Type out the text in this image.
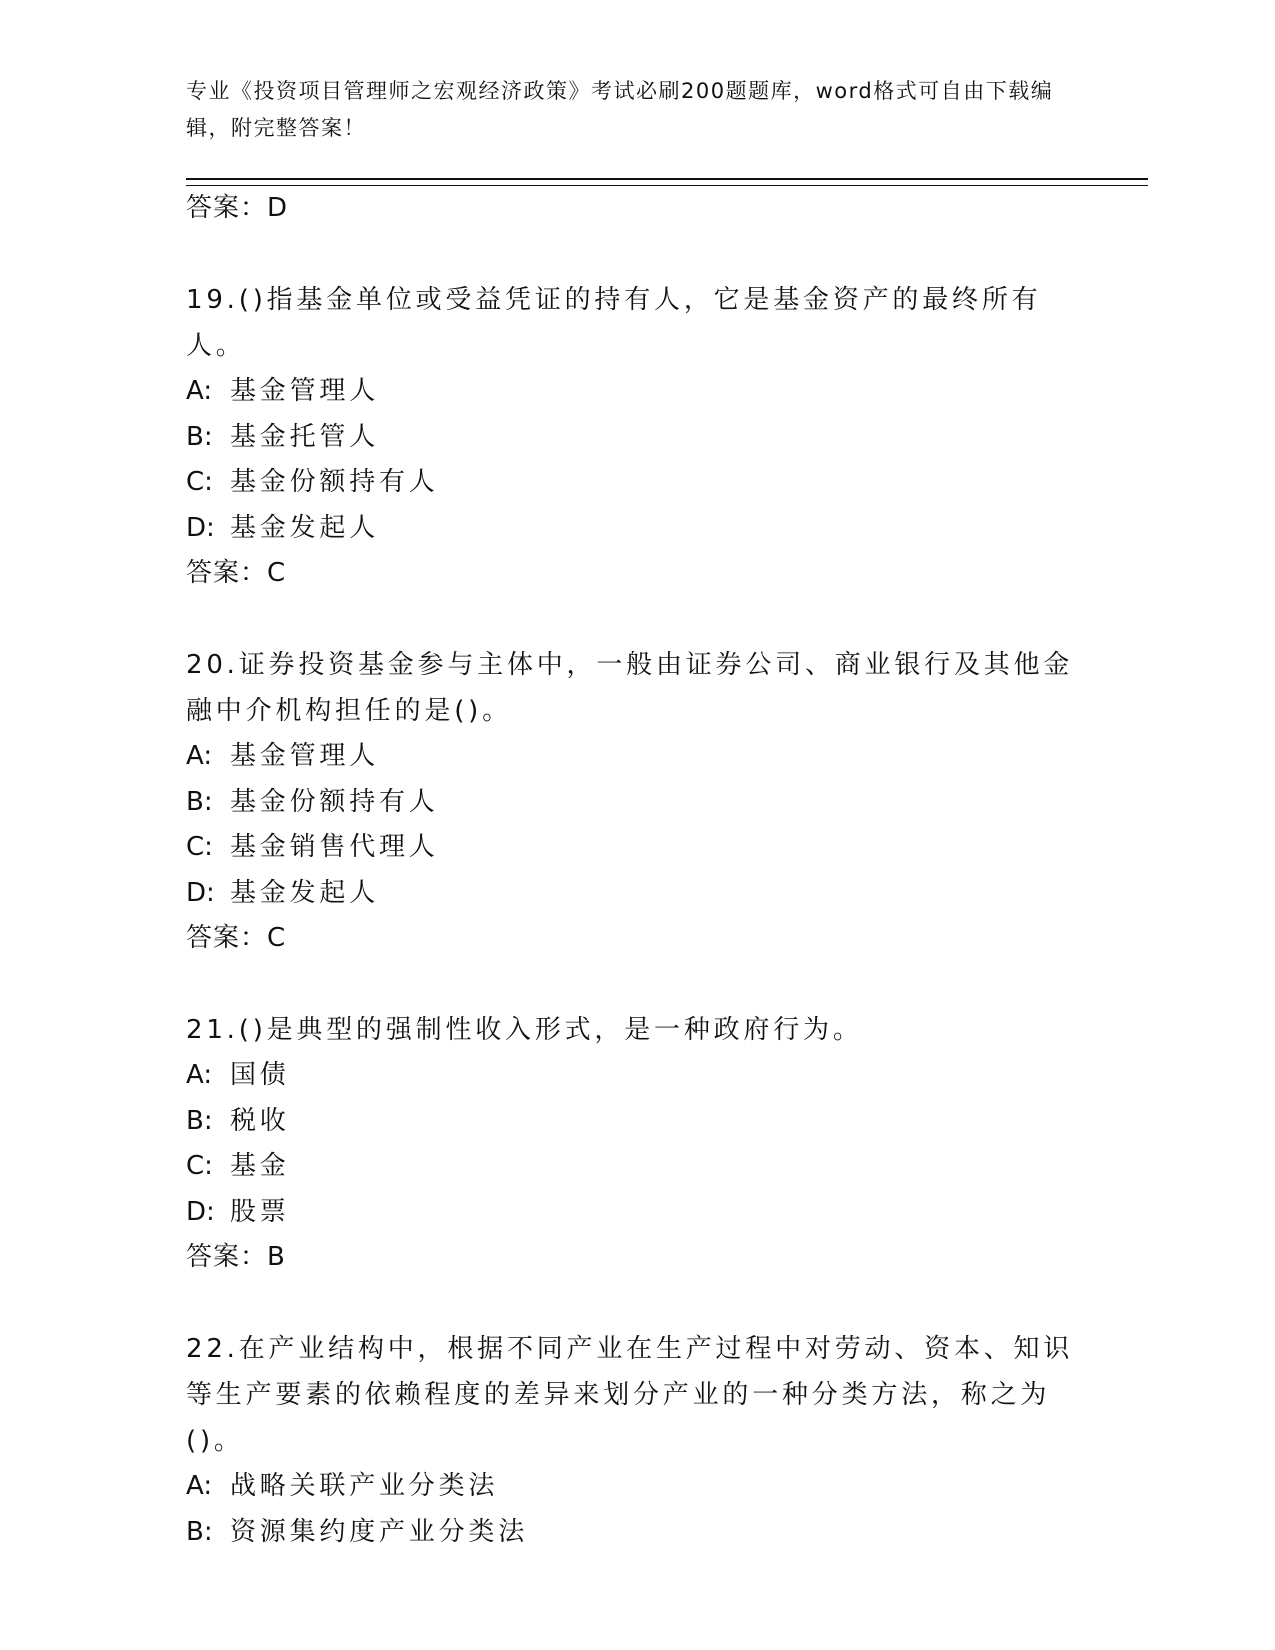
专业《投资项目管理师之宏观经济政策》考试必刷200题题库，word格式可自由下载编辑，附完整答案！
答案：D
19.()指基金单位或受益凭证的持有人，它是基金资产的最终所有人。
A: 基金管理人
B: 基金托管人
C: 基金份额持有人
D: 基金发起人
答案：C
20.证券投资基金参与主体中，一般由证券公司、商业银行及其他金融中介机构担任的是()。
A: 基金管理人
B: 基金份额持有人
C: 基金销售代理人
D: 基金发起人
答案：C
21.()是典型的强制性收入形式，是一种政府行为。
A: 国债
B: 税收
C: 基金
D: 股票
答案：B
22.在产业结构中，根据不同产业在生产过程中对劳动、资本、知识等生产要素的依赖程度的差异来划分产业的一种分类方法，称之为()。
A: 战略关联产业分类法
B: 资源集约度产业分类法
